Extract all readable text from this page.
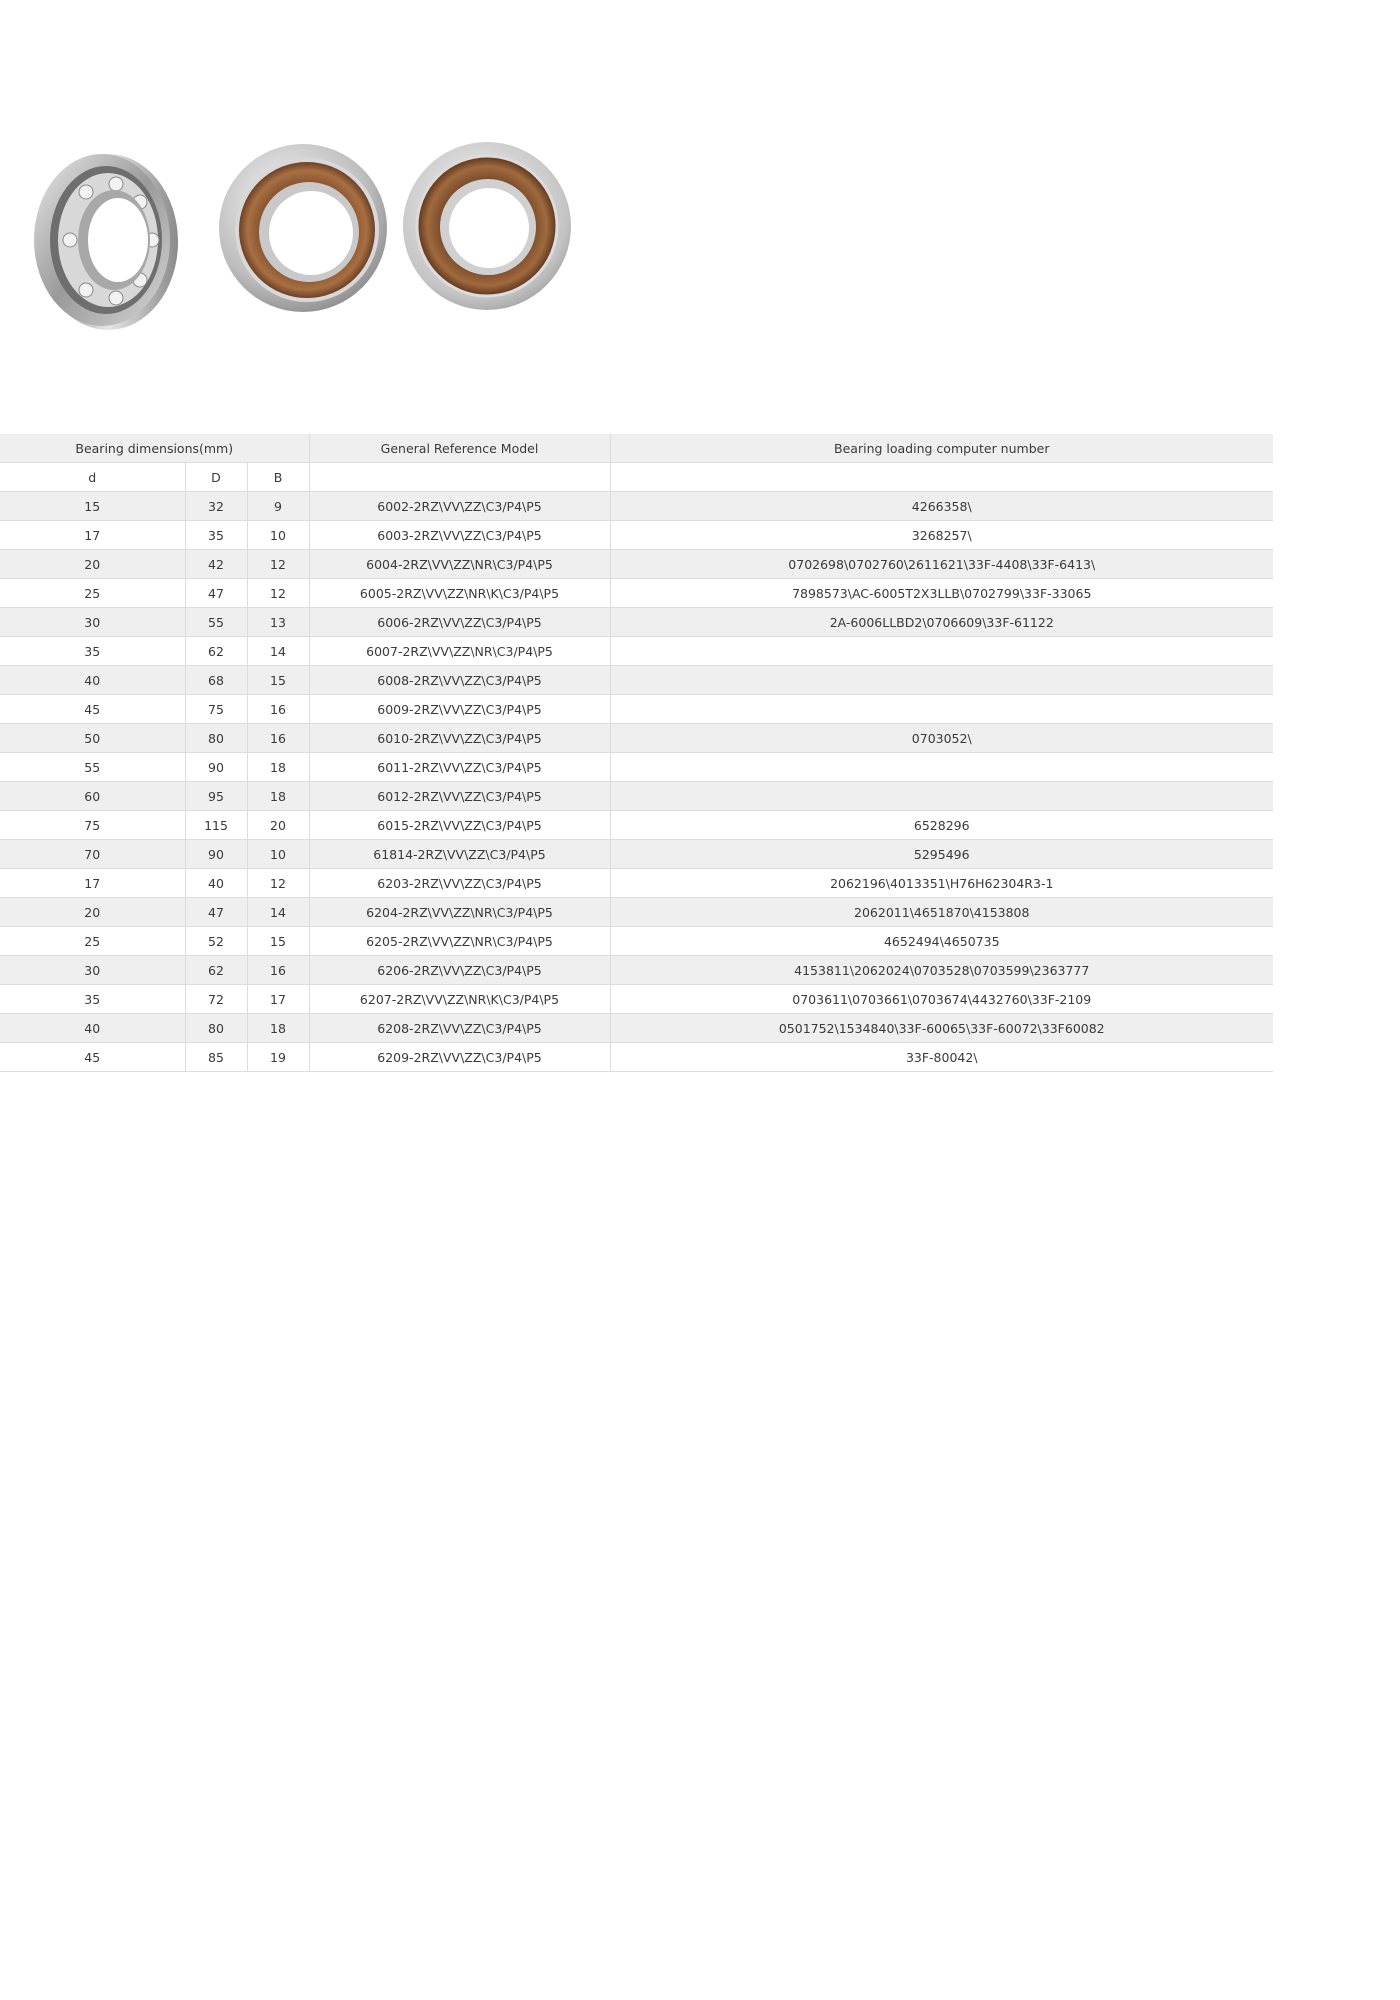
Bearing dimensions(mm)			General Reference Model	Bearing loading computer number
d	D	B		
15	32	9	6002-2RZ\VV\ZZ\C3/P4\P5	4266358\
17	35	10	6003-2RZ\VV\ZZ\C3/P4\P5	3268257\
20	42	12	6004-2RZ\VV\ZZ\NR\C3/P4\P5	0702698\0702760\2611621\33F-4408\33F-6413\
25	47	12	6005-2RZ\VV\ZZ\NR\K\C3/P4\P5	7898573\AC-6005T2X3LLB\0702799\33F-33065
30	55	13	6006-2RZ\VV\ZZ\C3/P4\P5	2A-6006LLBD2\0706609\33F-61122
35	62	14	6007-2RZ\VV\ZZ\NR\C3/P4\P5	
40	68	15	6008-2RZ\VV\ZZ\C3/P4\P5	
45	75	16	6009-2RZ\VV\ZZ\C3/P4\P5	
50	80	16	6010-2RZ\VV\ZZ\C3/P4\P5	0703052\
55	90	18	6011-2RZ\VV\ZZ\C3/P4\P5	
60	95	18	6012-2RZ\VV\ZZ\C3/P4\P5	
75	115	20	6015-2RZ\VV\ZZ\C3/P4\P5	6528296
70	90	10	61814-2RZ\VV\ZZ\C3/P4\P5	5295496
17	40	12	6203-2RZ\VV\ZZ\C3/P4\P5	2062196\4013351\H76H62304R3-1
20	47	14	6204-2RZ\VV\ZZ\NR\C3/P4\P5	2062011\4651870\4153808
25	52	15	6205-2RZ\VV\ZZ\NR\C3/P4\P5	4652494\4650735
30	62	16	6206-2RZ\VV\ZZ\C3/P4\P5	4153811\2062024\0703528\0703599\2363777
35	72	17	6207-2RZ\VV\ZZ\NR\K\C3/P4\P5	0703611\0703661\0703674\4432760\33F-2109
40	80	18	6208-2RZ\VV\ZZ\C3/P4\P5	0501752\1534840\33F-60065\33F-60072\33F60082
45	85	19	6209-2RZ\VV\ZZ\C3/P4\P5	33F-80042\
